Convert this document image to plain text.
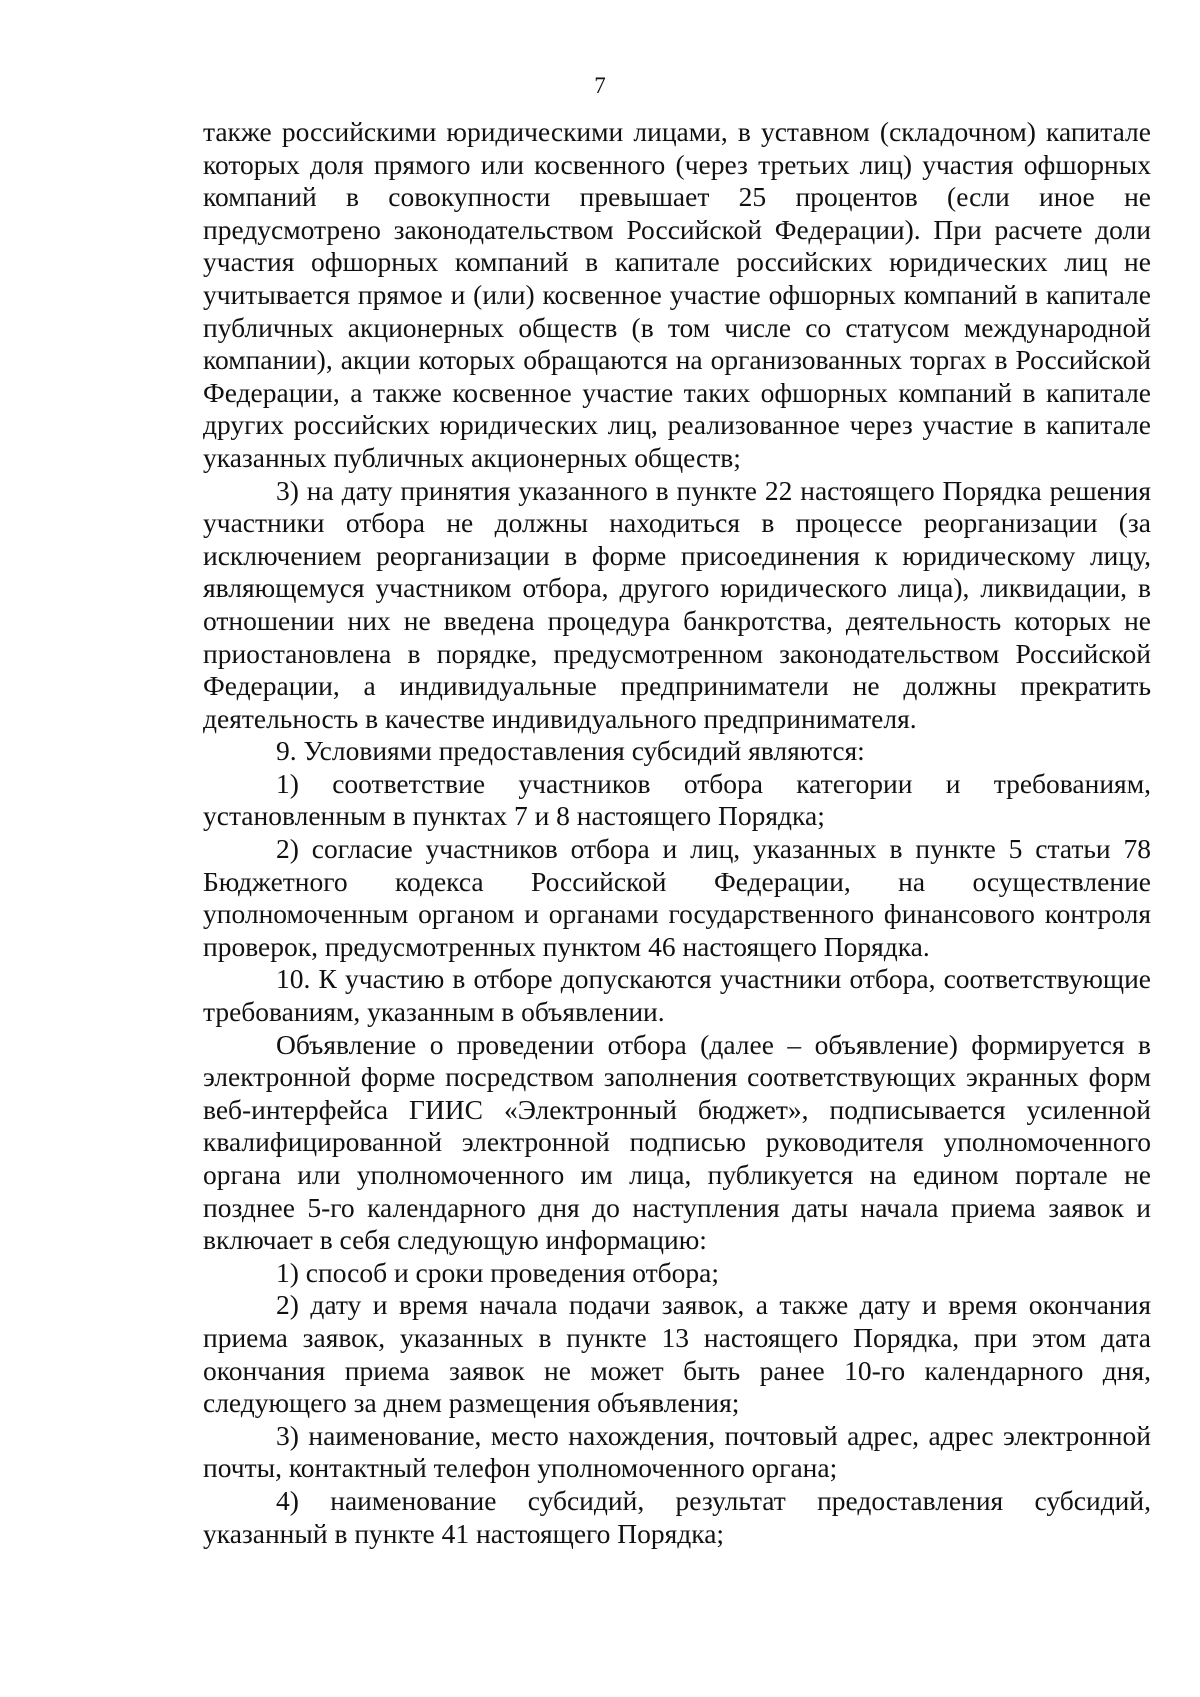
7

также российскими юридическими лицами, в уставном (складочном) капитале которых доля прямого или косвенного (через третьих лиц) участия офшорных компаний в совокупности превышает 25 процентов (если иное не предусмотрено законодательством Российской Федерации). При расчете доли участия офшорных компаний в капитале российских юридических лиц не учитывается прямое и (или) косвенное участие офшорных компаний в капитале публичных акционерных обществ (в том числе со статусом международной компании), акции которых обращаются на организованных торгах в Российской Федерации, а также косвенное участие таких офшорных компаний в капитале других российских юридических лиц, реализованное через участие в капитале указанных публичных акционерных обществ;

3) на дату принятия указанного в пункте 22 настоящего Порядка решения участники отбора не должны находиться в процессе реорганизации (за исключением реорганизации в форме присоединения к юридическому лицу, являющемуся участником отбора, другого юридического лица), ликвидации, в отношении них не введена процедура банкротства, деятельность которых не приостановлена в порядке, предусмотренном законодательством Российской Федерации, а индивидуальные предприниматели не должны прекратить деятельность в качестве индивидуального предпринимателя.

9. Условиями предоставления субсидий являются:

1) соответствие участников отбора категории и требованиям, установленным в пунктах 7 и 8 настоящего Порядка;

2) согласие участников отбора и лиц, указанных в пункте 5 статьи 78 Бюджетного кодекса Российской Федерации, на осуществление уполномоченным органом и органами государственного финансового контроля проверок, предусмотренных пунктом 46 настоящего Порядка.

10. К участию в отборе допускаются участники отбора, соответствующие требованиям, указанным в объявлении.

Объявление о проведении отбора (далее – объявление) формируется в электронной форме посредством заполнения соответствующих экранных форм веб-интерфейса ГИИС «Электронный бюджет», подписывается усиленной квалифицированной электронной подписью руководителя уполномоченного органа или уполномоченного им лица, публикуется на едином портале не позднее 5-го календарного дня до наступления даты начала приема заявок и включает в себя следующую информацию:

1) способ и сроки проведения отбора;

2) дату и время начала подачи заявок, а также дату и время окончания приема заявок, указанных в пункте 13 настоящего Порядка, при этом дата окончания приема заявок не может быть ранее 10-го календарного дня, следующего за днем размещения объявления;

3) наименование, место нахождения, почтовый адрес, адрес электронной почты, контактный телефон уполномоченного органа;

4) наименование субсидий, результат предоставления субсидий, указанный в пункте 41 настоящего Порядка;
